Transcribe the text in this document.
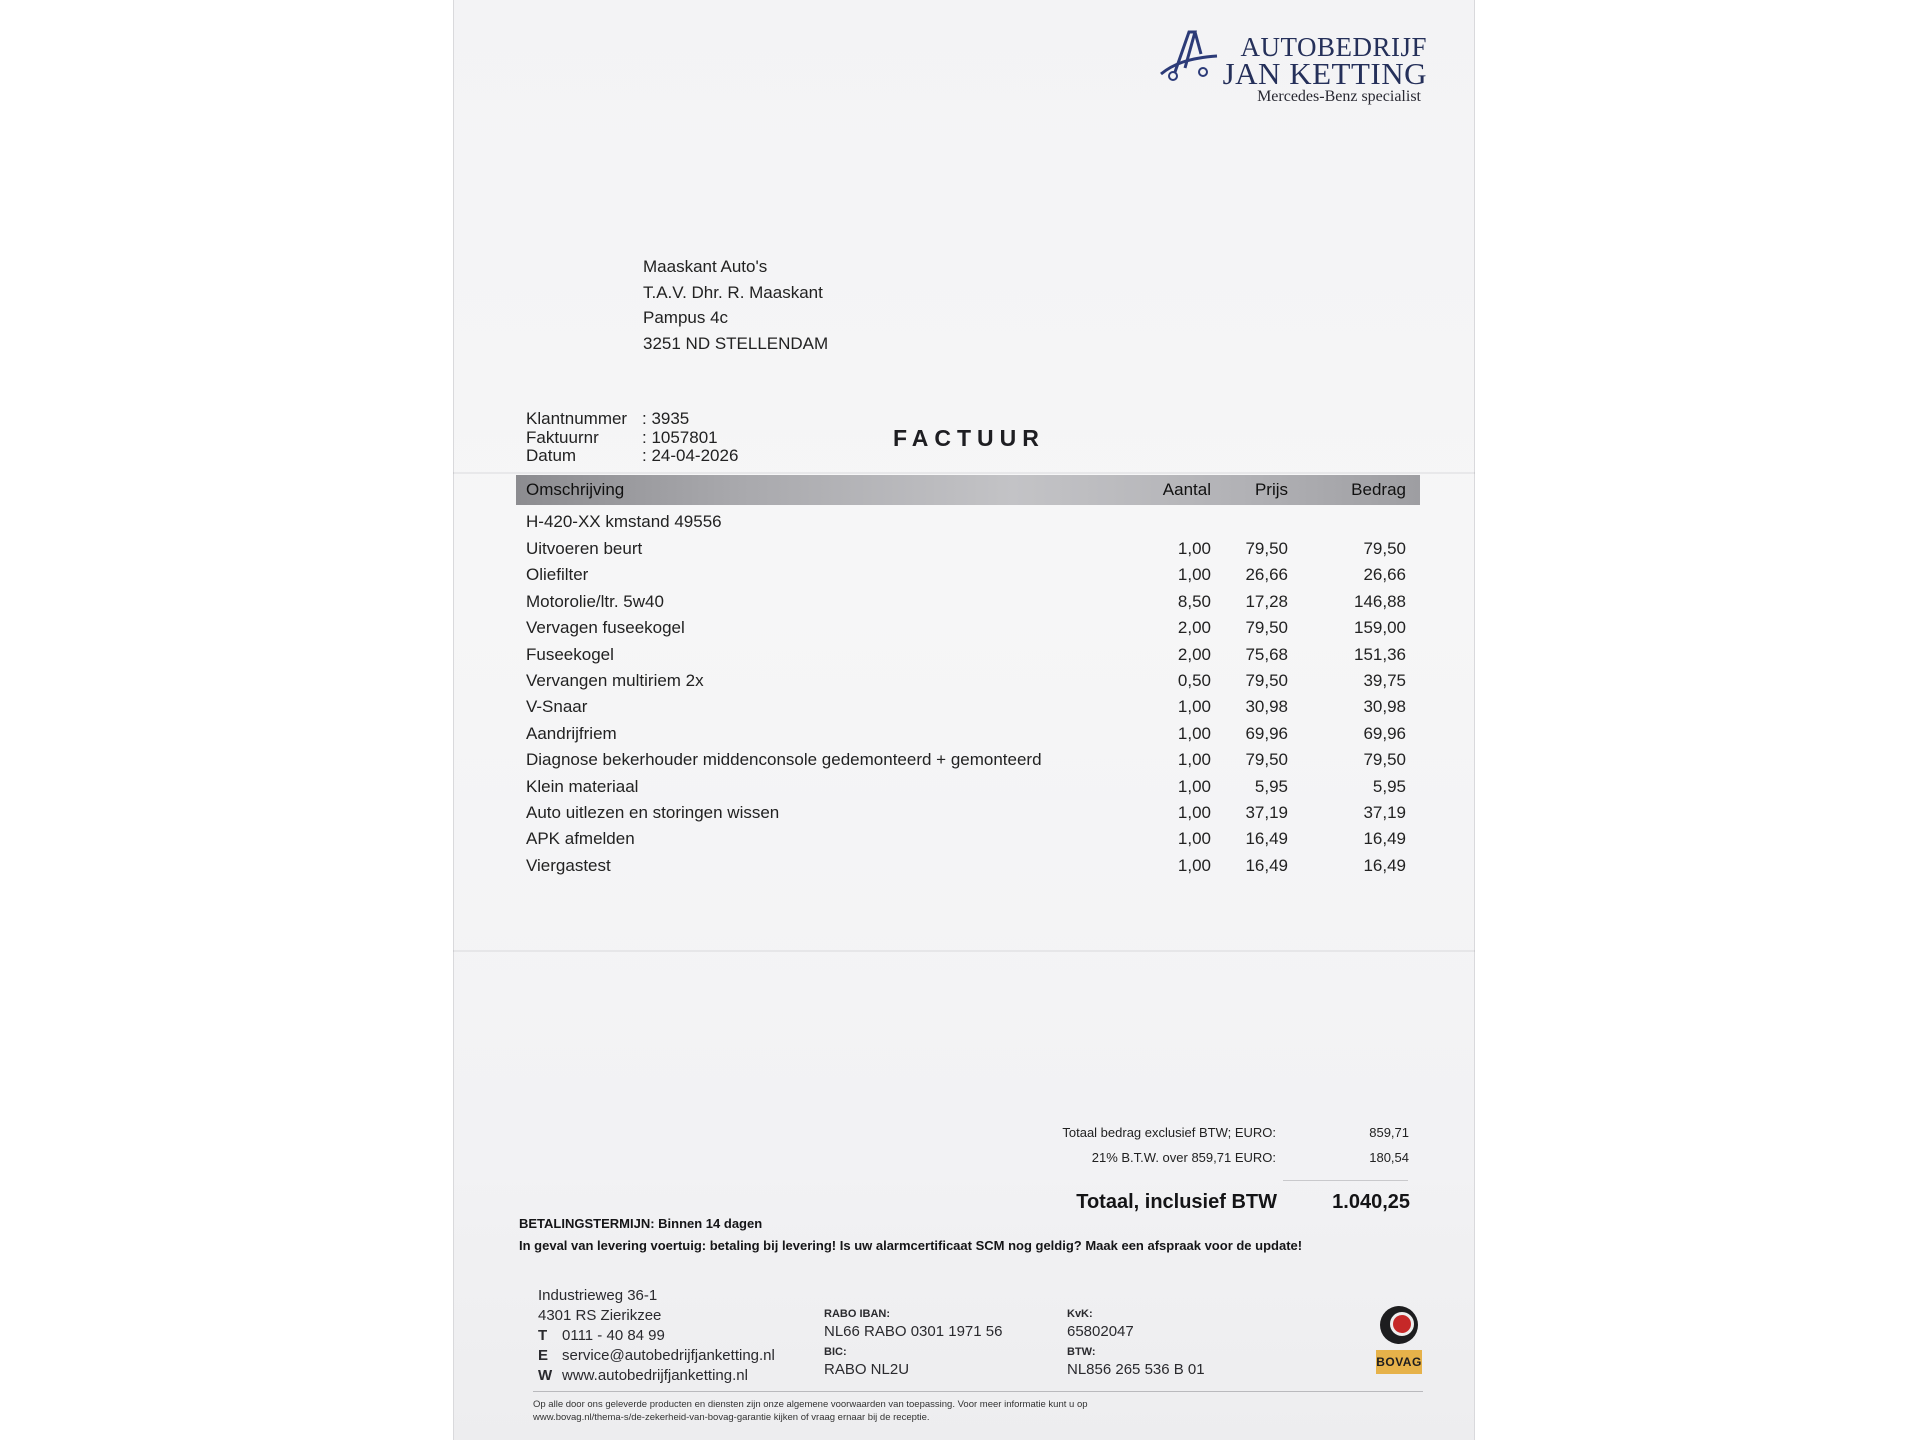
AUTOBEDRIJF
JAN KETTING
Mercedes-Benz specialist
Maaskant Auto's
T.A.V. Dhr. R. Maaskant
Pampus 4c
3251 ND STELLENDAM
Klantnummer : 3935
Faktuurnr	: 1057801
Datum	: 24-04-2026
FACTUUR
Omschrijving	Aantal	Prijs	Bedrag
H-420-XX kmstand 49556
Uitvoeren beurt	1,00 79,50	79,50
Oliefilter	1,00 26,66	26,66
Motorolie/ltr. 5w40	8,50 17,28	146,88
Vervagen fuseekogel	2,00 79,50	159,00
Fuseekogel	2,00 75,68	151,36
Vervangen multiriem 2x	0,50 79,50	39,75
V-Snaar	1,00 30,98	30,98
Aandrijfriem	1,00 69,96	69,96
Diagnose bekerhouder middenconsole gedemonteerd + gemonteerd	1,00 79,50	79,50
Klein materiaal	1,00	5,95	5,95
Auto uitlezen en storingen wissen	1,00 37,19	37,19
APK afmelden	1,00 16,49	16,49
Viergastest	1,00 16,49	16,49
Totaal bedrag exclusief BTW; EURO:	859,71
21% B.T.W. over 859,71 EURO:	180,54
Totaal, inclusief BTW	1.040,25
BETALINGSTERMIJN: Binnen 14 dagen
In geval van levering voertuig: betaling bij levering! Is uw alarmcertificaat SCM nog geldig? Maak een afspraak voor de update!
Industrieweg 36-1
4301 RS Zierikzee
T 0111 - 40 84 99
E service@autobedrijfjanketting.nl
W www.autobedrijfjanketting.nl
RABO IBAN:
NL66 RABO 0301 1971 56
BIC:
RABO NL2U
KvK:
65802047
BTW:
NL856 265 536 B 01	BOVAG
Op alle door ons geleverde producten en diensten zijn onze algemene voorwaarden van toepassing. Voor meer informatie kunt u op
www.bovag.nl/thema-s/de-zekerheid-van-bovag-garantie kijken of vraag ernaar bij de receptie.
